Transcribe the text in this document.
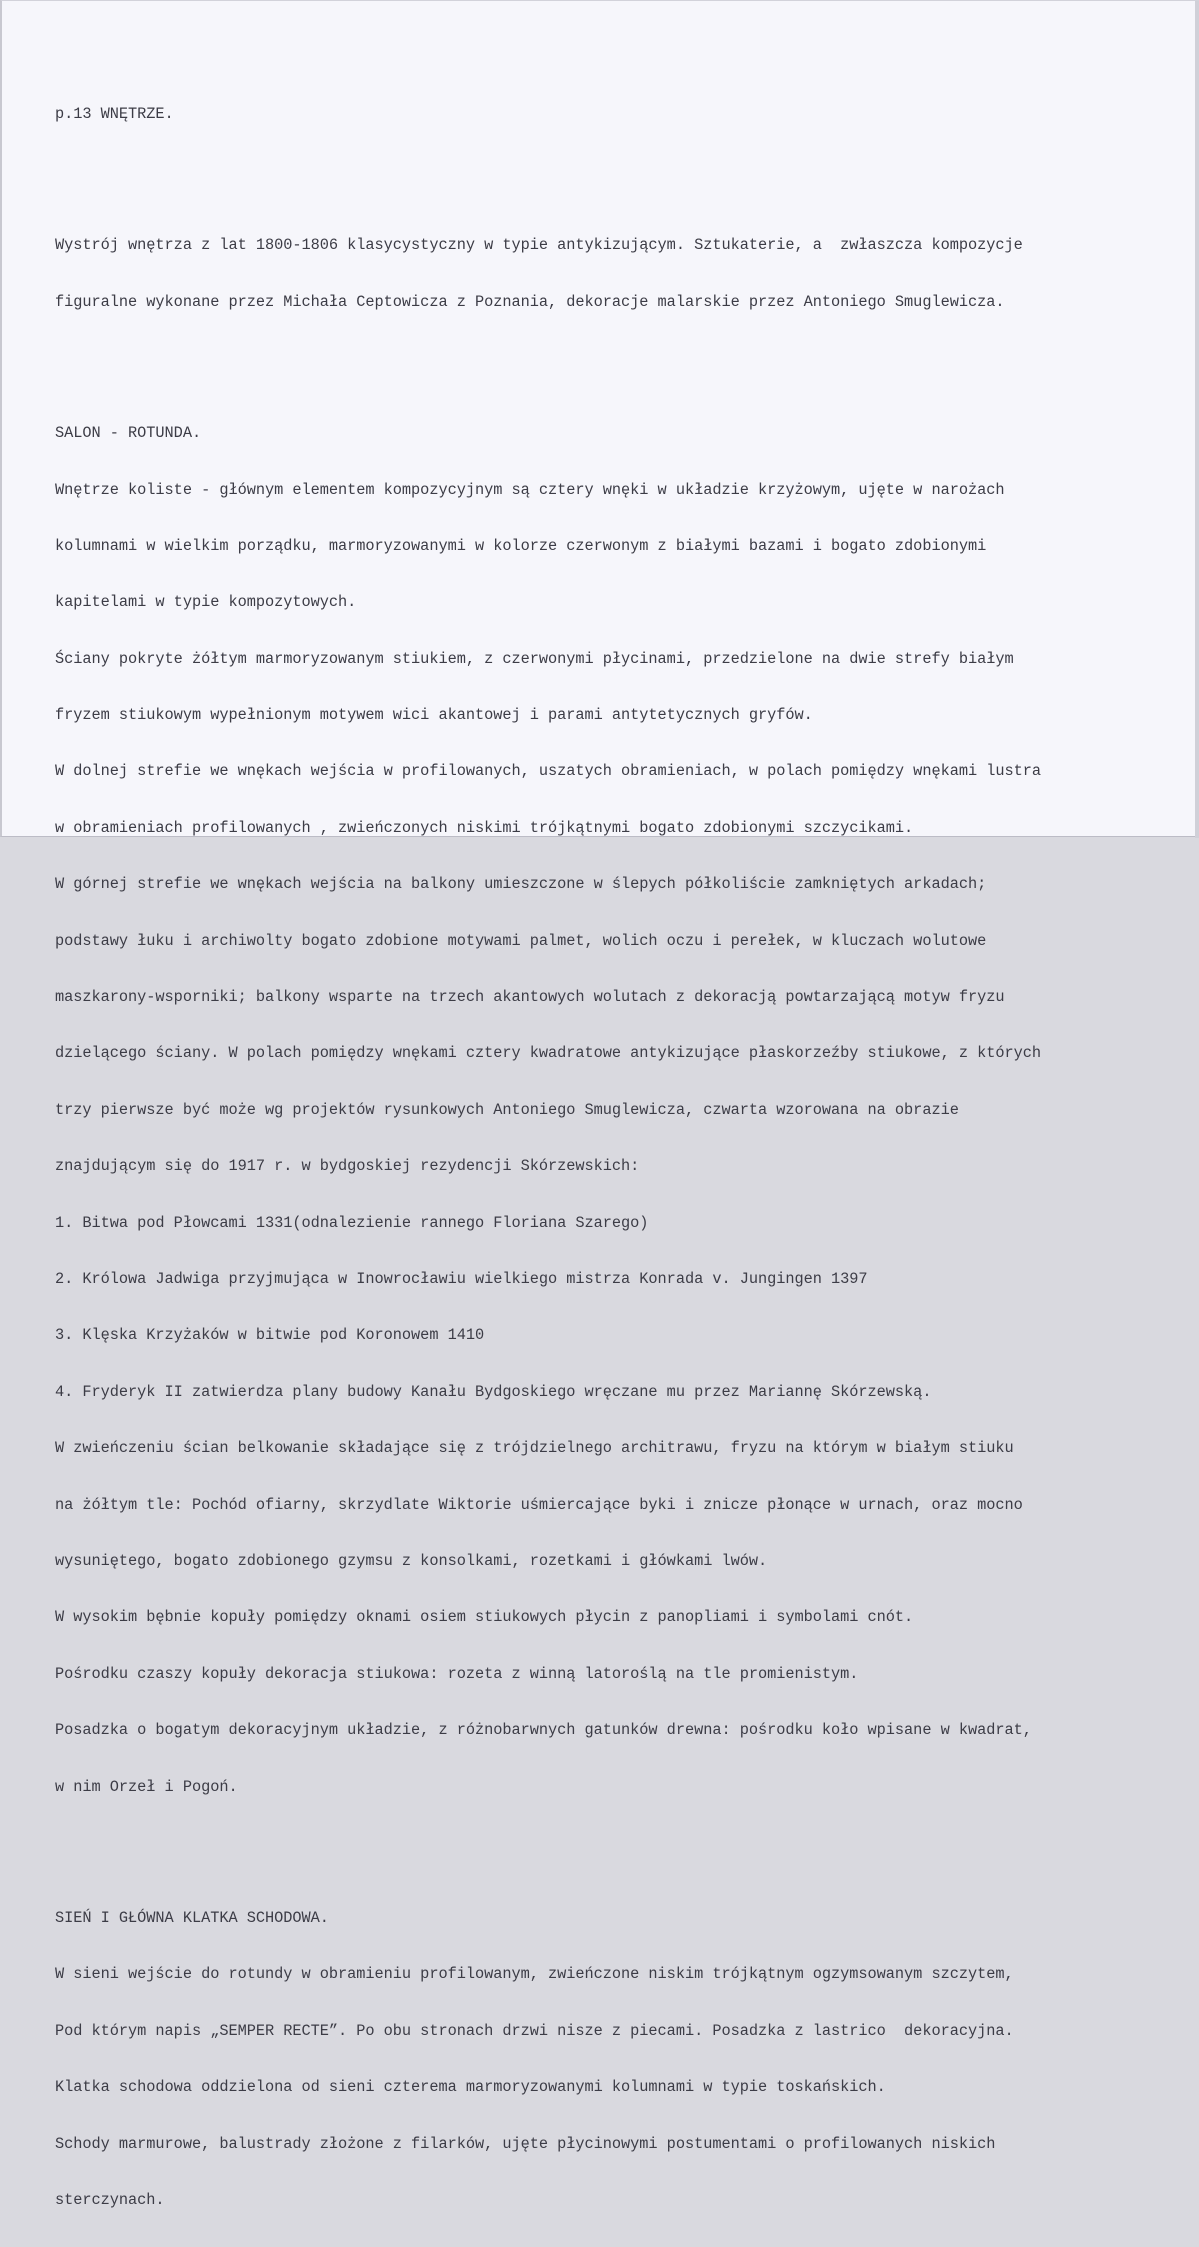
p.13 WNĘTRZE.

Wystrój wnętrza z lat 1800-1806 klasycystyczny w typie antykizującym. Sztukaterie, a  zwłaszcza kompozycje

figuralne wykonane przez Michała Ceptowicza z Poznania, dekoracje malarskie przez Antoniego Smuglewicza.

SALON - ROTUNDA.

Wnętrze koliste - głównym elementem kompozycyjnym są cztery wnęki w układzie krzyżowym, ujęte w narożach

kolumnami w wielkim porządku, marmoryzowanymi w kolorze czerwonym z białymi bazami i bogato zdobionymi

kapitelami w typie kompozytowych.

Ściany pokryte żółtym marmoryzowanym stiukiem, z czerwonymi płycinami, przedzielone na dwie strefy białym

fryzem stiukowym wypełnionym motywem wici akantowej i parami antytetycznych gryfów.

W dolnej strefie we wnękach wejścia w profilowanych, uszatych obramieniach, w polach pomiędzy wnękami lustra

w obramieniach profilowanych , zwieńczonych niskimi trójkątnymi bogato zdobionymi szczycikami.

W górnej strefie we wnękach wejścia na balkony umieszczone w ślepych półkoliście zamkniętych arkadach;

podstawy łuku i archiwolty bogato zdobione motywami palmet, wolich oczu i perełek, w kluczach wolutowe

maszkarony-wsporniki; balkony wsparte na trzech akantowych wolutach z dekoracją powtarzającą motyw fryzu

dzielącego ściany. W polach pomiędzy wnękami cztery kwadratowe antykizujące płaskorzeźby stiukowe, z których

trzy pierwsze być może wg projektów rysunkowych Antoniego Smuglewicza, czwarta wzorowana na obrazie

znajdującym się do 1917 r. w bydgoskiej rezydencji Skórzewskich:

1. Bitwa pod Płowcami 1331(odnalezienie rannego Floriana Szarego)

2. Królowa Jadwiga przyjmująca w Inowrocławiu wielkiego mistrza Konrada v. Jungingen 1397

3. Klęska Krzyżaków w bitwie pod Koronowem 1410

4. Fryderyk II zatwierdza plany budowy Kanału Bydgoskiego wręczane mu przez Mariannę Skórzewską.

W zwieńczeniu ścian belkowanie składające się z trójdzielnego architrawu, fryzu na którym w białym stiuku

na żółtym tle: Pochód ofiarny, skrzydlate Wiktorie uśmiercające byki i znicze płonące w urnach, oraz mocno

wysuniętego, bogato zdobionego gzymsu z konsolkami, rozetkami i główkami lwów.

W wysokim bębnie kopuły pomiędzy oknami osiem stiukowych płycin z panopliami i symbolami cnót.

Pośrodku czaszy kopuły dekoracja stiukowa: rozeta z winną latoroślą na tle promienistym.

Posadzka o bogatym dekoracyjnym układzie, z różnobarwnych gatunków drewna: pośrodku koło wpisane w kwadrat,

w nim Orzeł i Pogoń.

SIEŃ I GŁÓWNA KLATKA SCHODOWA.

W sieni wejście do rotundy w obramieniu profilowanym, zwieńczone niskim trójkątnym ogzymsowanym szczytem,

Pod którym napis „SEMPER RECTE”. Po obu stronach drzwi nisze z piecami. Posadzka z lastrico  dekoracyjna.

Klatka schodowa oddzielona od sieni czterema marmoryzowanymi kolumnami w typie toskańskich.

Schody marmurowe, balustrady złożone z filarków, ujęte płycinowymi postumentami o profilowanych niskich

sterczynach.
